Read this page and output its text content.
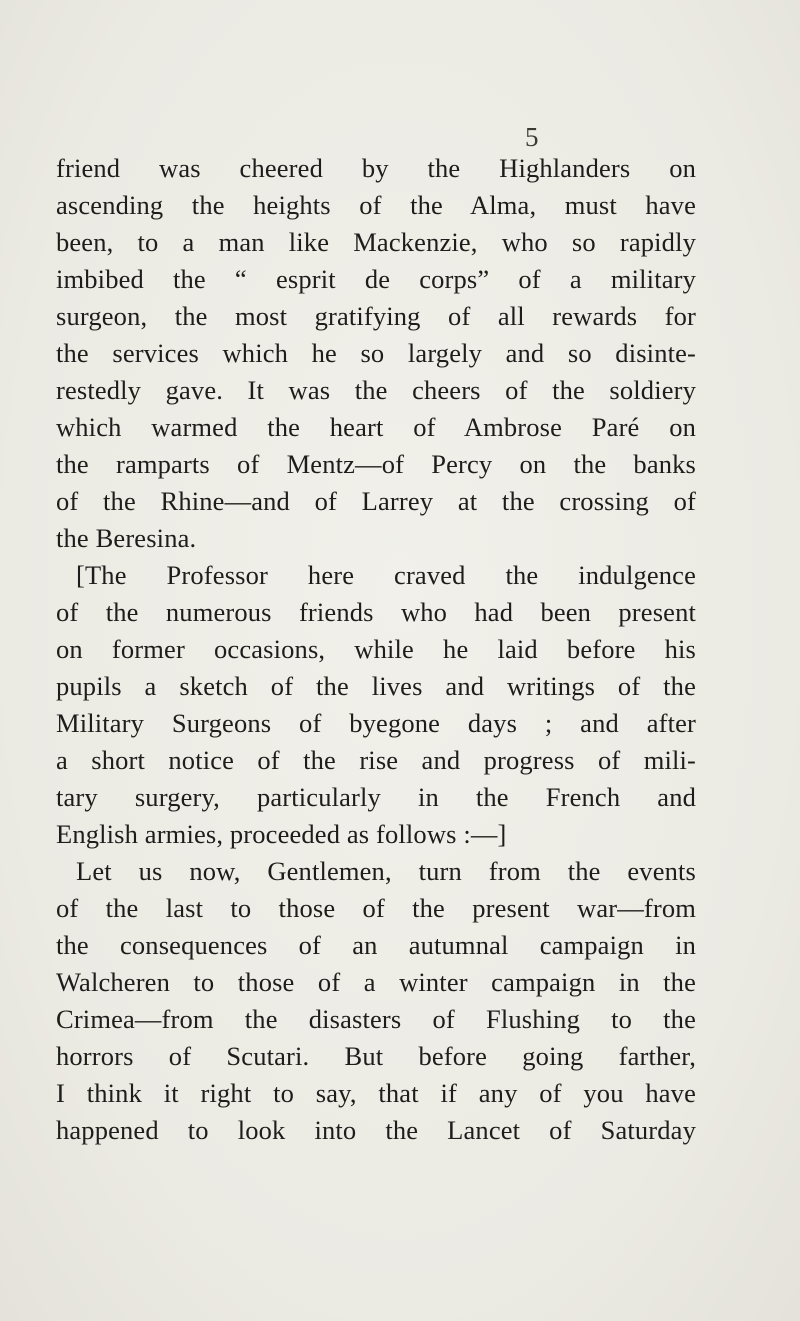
5
friend was cheered by the Highlanders on
ascending the heights of the Alma, must have
been, to a man like Mackenzie, who so rapidly
imbibed the “ esprit de corps” of a military
surgeon, the most gratifying of all rewards for
the services which he so largely and so disinte-
restedly gave. It was the cheers of the soldiery
which warmed the heart of Ambrose Paré on
the ramparts of Mentz—of Percy on the banks
of the Rhine—and of Larrey at the crossing of
the Beresina.
[The Professor here craved the indulgence
of the numerous friends who had been present
on former occasions, while he laid before his
pupils a sketch of the lives and writings of the
Military Surgeons of byegone days ; and after
a short notice of the rise and progress of mili-
tary surgery, particularly in the French and
English armies, proceeded as follows :—]
Let us now, Gentlemen, turn from the events
of the last to those of the present war—from
the consequences of an autumnal campaign in
Walcheren to those of a winter campaign in the
Crimea—from the disasters of Flushing to the
horrors of Scutari. But before going farther,
I think it right to say, that if any of you have
happened to look into the Lancet of Saturday
